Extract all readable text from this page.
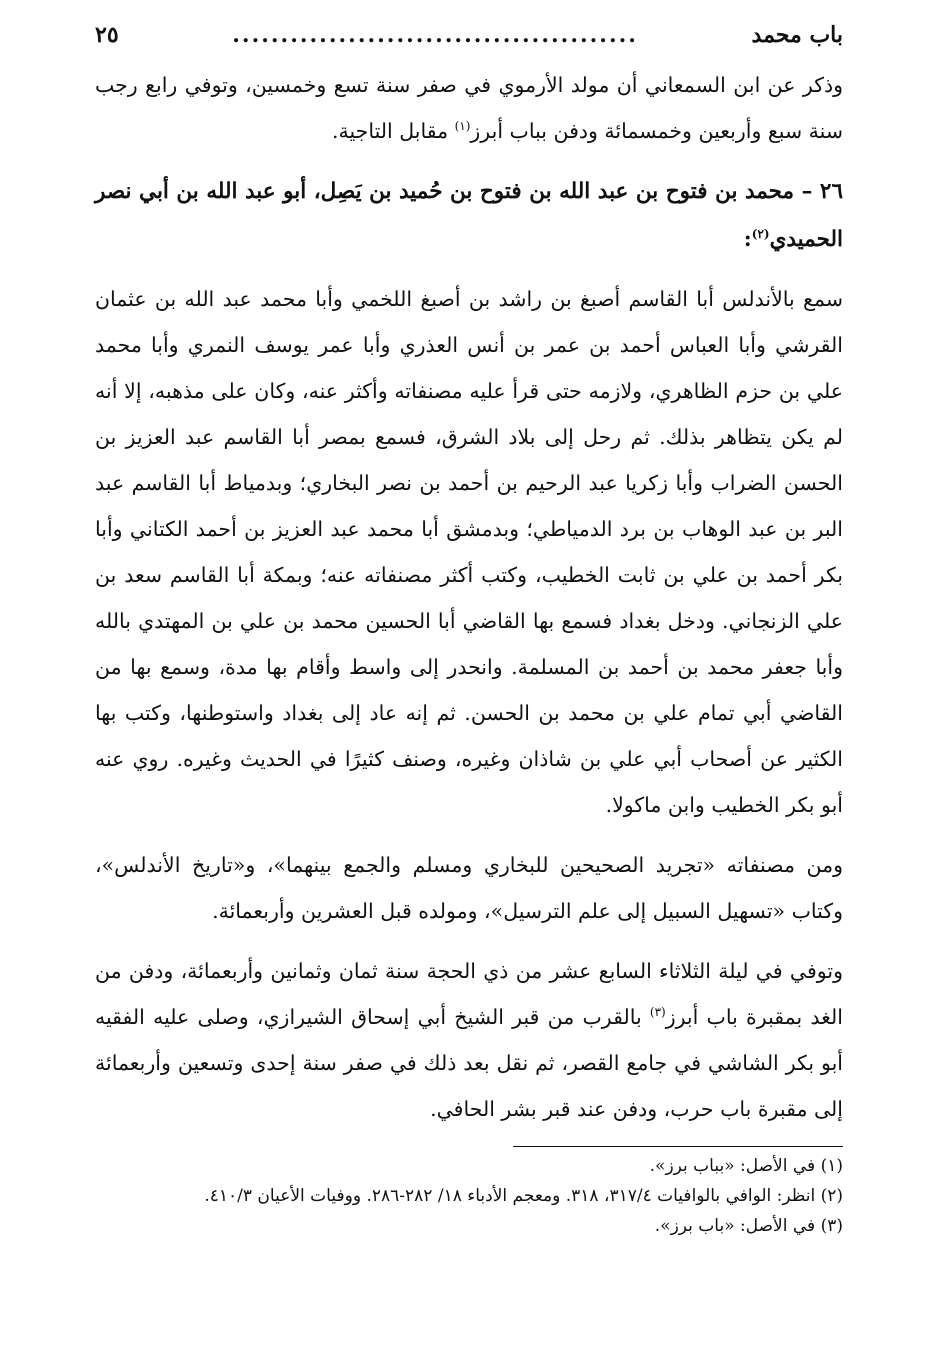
باب محمد
..........................................
٢٥

وذكر عن ابن السمعاني أن مولد الأرموي في صفر سنة تسع وخمسين، وتوفي رابع رجب سنة سبع وأربعين وخمسمائة ودفن بباب أبرز$^{(١)}$ مقابل التاجية.

٢٦ – محمد بن فتوح بن عبد الله بن فتوح بن حُميد بن يَصِل، أبو عبد الله بن أبي نصر الحميدي$^{(٢)}$:

سمع بالأندلس أبا القاسم أصبغ بن راشد بن أصبغ اللخمي وأبا محمد عبد الله بن عثمان القرشي وأبا العباس أحمد بن عمر بن أنس العذري وأبا عمر يوسف النمري وأبا محمد علي بن حزم الظاهري، ولازمه حتى قرأ عليه مصنفاته وأكثر عنه، وكان على مذهبه، إلا أنه لم يكن يتظاهر بذلك. ثم رحل إلى بلاد الشرق، فسمع بمصر أبا القاسم عبد العزيز بن الحسن الضراب وأبا زكريا عبد الرحيم بن أحمد بن نصر البخاري؛ وبدمياط أبا القاسم عبد البر بن عبد الوهاب بن برد الدمياطي؛ وبدمشق أبا محمد عبد العزيز بن أحمد الكتاني وأبا بكر أحمد بن علي بن ثابت الخطيب، وكتب أكثر مصنفاته عنه؛ وبمكة أبا القاسم سعد بن علي الزنجاني. ودخل بغداد فسمع بها القاضي أبا الحسين محمد بن علي بن المهتدي بالله وأبا جعفر محمد بن أحمد بن المسلمة. وانحدر إلى واسط وأقام بها مدة، وسمع بها من القاضي أبي تمام علي بن محمد بن الحسن. ثم إنه عاد إلى بغداد واستوطنها، وكتب بها الكثير عن أصحاب أبي علي بن شاذان وغيره، وصنف كثيرًا في الحديث وغيره. روي عنه أبو بكر الخطيب وابن ماكولا.

ومن مصنفاته «تجريد الصحيحين للبخاري ومسلم والجمع بينهما»، و«تاريخ الأندلس»، وكتاب «تسهيل السبيل إلى علم الترسيل»، ومولده قبل العشرين وأربعمائة.

وتوفي في ليلة الثلاثاء السابع عشر من ذي الحجة سنة ثمان وثمانين وأربعمائة، ودفن من الغد بمقبرة باب أبرز$^{(٣)}$ بالقرب من قبر الشيخ أبي إسحاق الشيرازي، وصلى عليه الفقيه أبو بكر الشاشي في جامع القصر، ثم نقل بعد ذلك في صفر سنة إحدى وتسعين وأربعمائة إلى مقبرة باب حرب، ودفن عند قبر بشر الحافي.

(١) في الأصل: «بباب برز».

(٢) انظر: الوافي بالوافيات ٣١٧/٤، ٣١٨. ومعجم الأدباء ١٨/ ٢٨٢-٢٨٦. ووفيات الأعيان ٤١٠/٣.

(٣) في الأصل: «باب برز».
